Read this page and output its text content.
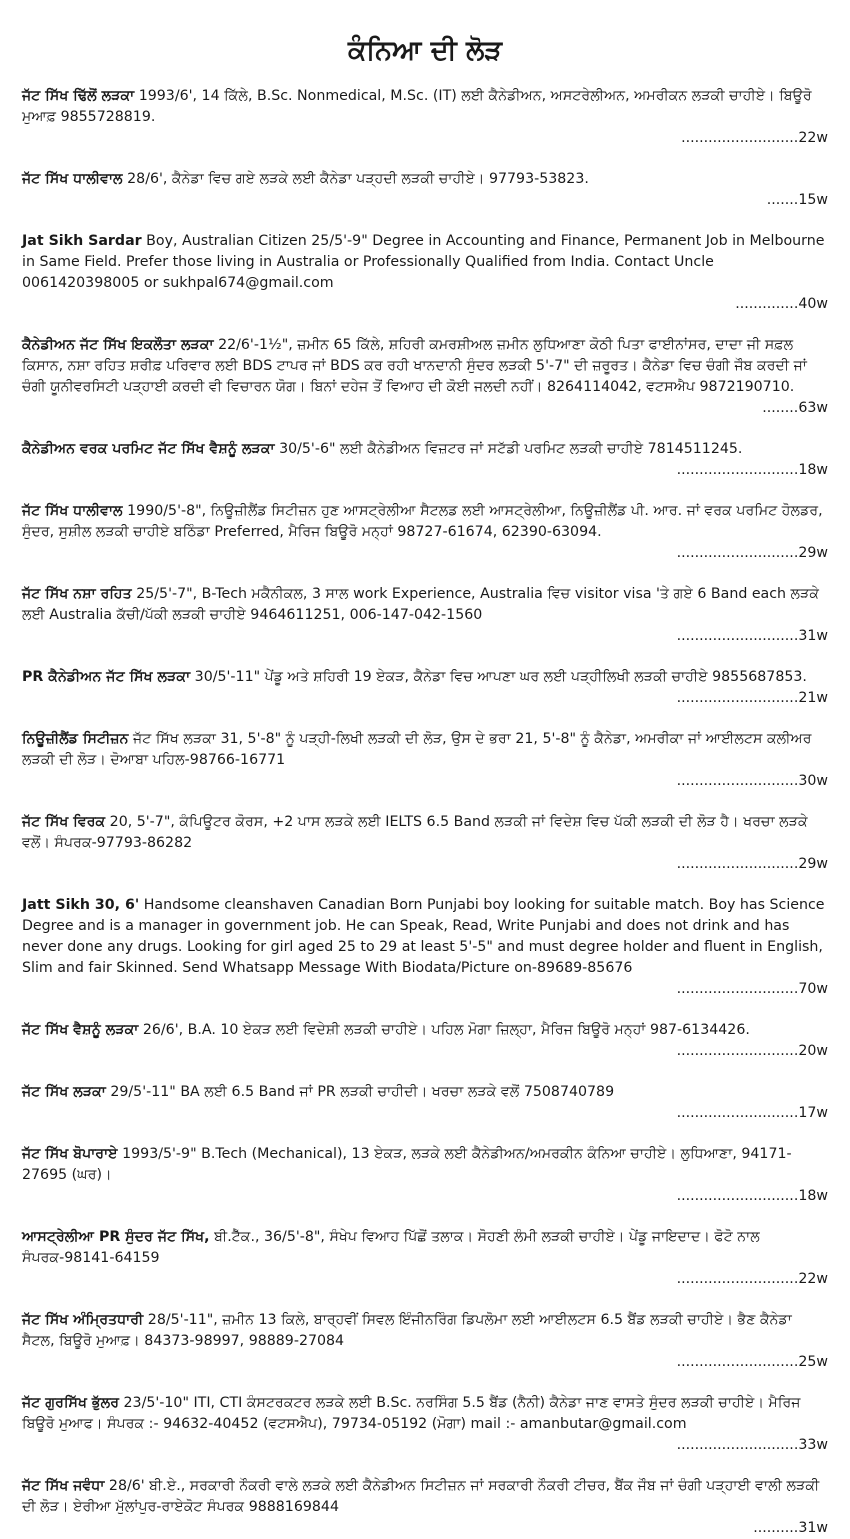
ਕੰਨਿਆ ਦੀ ਲੋੜ
ਜੱਟ ਸਿੱਖ ਢਿੱਲੋਂ ਲੜਕਾ 1993/6', 14 ਕਿੱਲੇ, B.Sc. Nonmedical, M.Sc. (IT) ਲਈ ਕੈਨੇਡੀਅਨ, ਅਸਟਰੇਲੀਅਨ, ਅਮਰੀਕਨ ਲੜਕੀ ਚਾਹੀਏ। ਬਿਊਰੋ ਮੁਆਫ਼ 9855728819.
.......................... 22w
ਜੱਟ ਸਿੱਖ ਧਾਲੀਵਾਲ 28/6', ਕੈਨੇਡਾ ਵਿਚ ਗਏ ਲੜਕੇ ਲਈ ਕੈਨੇਡਾ ਪੜ੍ਹਦੀ ਲੜਕੀ ਚਾਹੀਏ। 97793-53823.
....... 15w
Jat Sikh Sardar Boy, Australian Citizen 25/5'-9" Degree in Accounting and Finance, Permanent Job in Melbourne in Same Field. Prefer those living in Australia or Professionally Qualified from India. Contact Uncle 0061420398005 or sukhpal674@gmail.com
.............. 40w
ਕੈਨੇਡੀਅਨ ਜੱਟ ਸਿੱਖ ਇਕਲੌਤਾ ਲੜਕਾ 22/6'-1½", ਜ਼ਮੀਨ 65 ਕਿੱਲੇ, ਸ਼ਹਿਰੀ ਕਮਰਸ਼ੀਅਲ ਜ਼ਮੀਨ ਲੁਧਿਆਣਾ ਕੋਠੀ ਪਿਤਾ ਫਾਈਨਾਂਸਰ, ਦਾਦਾ ਜੀ ਸਫ਼ਲ ਕਿਸਾਨ, ਨਸ਼ਾ ਰਹਿਤ ਸ਼ਰੀਫ਼ ਪਰਿਵਾਰ ਲਈ BDS ਟਾਪਰ ਜਾਂ BDS ਕਰ ਰਹੀ ਖਾਨਦਾਨੀ ਸੁੰਦਰ ਲੜਕੀ 5'-7" ਦੀ ਜ਼ਰੂਰਤ। ਕੈਨੇਡਾ ਵਿਚ ਚੰਗੀ ਜੌਬ ਕਰਦੀ ਜਾਂ ਚੰਗੀ ਯੂਨੀਵਰਸਿਟੀ ਪੜ੍ਹਾਈ ਕਰਦੀ ਵੀ ਵਿਚਾਰਨ ਯੋਗ। ਬਿਨਾਂ ਦਹੇਜ ਤੋਂ ਵਿਆਹ ਦੀ ਕੋਈ ਜਲਦੀ ਨਹੀਂ। 8264114042, ਵਟਸਐਪ 9872190710.
........ 63w
ਕੈਨੇਡੀਅਨ ਵਰਕ ਪਰਮਿਟ ਜੱਟ ਸਿੱਖ ਵੈਸ਼ਨੂੰ ਲੜਕਾ 30/5'-6" ਲਈ ਕੈਨੇਡੀਅਨ ਵਿਜ਼ਟਰ ਜਾਂ ਸਟੱਡੀ ਪਰਮਿਟ ਲੜਕੀ ਚਾਹੀਏ 7814511245.
........................... 18w
ਜੱਟ ਸਿੱਖ ਧਾਲੀਵਾਲ 1990/5'-8", ਨਿਊਜ਼ੀਲੈਂਡ ਸਿਟੀਜ਼ਨ ਹੁਣ ਆਸਟ੍ਰੇਲੀਆ ਸੈਟਲਡ ਲਈ ਆਸਟ੍ਰੇਲੀਆ, ਨਿਊਜ਼ੀਲੈਂਡ ਪੀ. ਆਰ. ਜਾਂ ਵਰਕ ਪਰਮਿਟ ਹੋਲਡਰ, ਸੁੰਦਰ, ਸੁਸ਼ੀਲ ਲੜਕੀ ਚਾਹੀਏ ਬਠਿੰਡਾ Preferred, ਮੈਰਿਜ ਬਿਊਰੋ ਮਨ੍ਹਾਂ 98727-61674, 62390-63094.
........................... 29w
ਜੱਟ ਸਿੱਖ ਨਸ਼ਾ ਰਹਿਤ 25/5'-7", B-Tech ਮਕੈਨੀਕਲ, 3 ਸਾਲ work Experience, Australia ਵਿਚ visitor visa 'ਤੇ ਗਏ 6 Band each ਲੜਕੇ ਲਈ Australia ਕੱਚੀ/ਪੱਕੀ ਲੜਕੀ ਚਾਹੀਏ 9464611251, 006-147-042-1560
........................... 31w
PR ਕੈਨੇਡੀਅਨ ਜੱਟ ਸਿੱਖ ਲੜਕਾ 30/5'-11" ਪੇਂਡੂ ਅਤੇ ਸ਼ਹਿਰੀ 19 ਏਕੜ, ਕੈਨੇਡਾ ਵਿਚ ਆਪਣਾ ਘਰ ਲਈ ਪੜ੍ਹੀਲਿਖੀ ਲੜਕੀ ਚਾਹੀਏ 9855687853.
........................... 21w
ਨਿਊਜ਼ੀਲੈਂਡ ਸਿਟੀਜ਼ਨ ਜੱਟ ਸਿੱਖ ਲੜਕਾ 31, 5'-8" ਨੂੰ ਪੜ੍ਹੀ-ਲਿਖੀ ਲੜਕੀ ਦੀ ਲੋੜ, ਉਸ ਦੇ ਭਰਾ 21, 5'-8" ਨੂੰ ਕੈਨੇਡਾ, ਅਮਰੀਕਾ ਜਾਂ ਆਈਲਟਸ ਕਲੀਅਰ ਲੜਕੀ ਦੀ ਲੋੜ। ਦੋਆਬਾ ਪਹਿਲ-98766-16771
........................... 30w
ਜੱਟ ਸਿੱਖ ਵਿਰਕ 20, 5'-7", ਕੰਪਿਊਟਰ ਕੋਰਸ, +2 ਪਾਸ ਲੜਕੇ ਲਈ IELTS 6.5 Band ਲੜਕੀ ਜਾਂ ਵਿਦੇਸ਼ ਵਿਚ ਪੱਕੀ ਲੜਕੀ ਦੀ ਲੋੜ ਹੈ। ਖਰਚਾ ਲੜਕੇ ਵਲੋਂ। ਸੰਪਰਕ-97793-86282
........................... 29w
Jatt Sikh 30, 6' Handsome cleanshaven Canadian Born Punjabi boy looking for suitable match. Boy has Science Degree and is a manager in government job. He can Speak, Read, Write Punjabi and does not drink and has never done any drugs. Looking for girl aged 25 to 29 at least 5'-5" and must degree holder and fluent in English, Slim and fair Skinned. Send Whatsapp Message With Biodata/Picture on-89689-85676
........................... 70w
ਜੱਟ ਸਿੱਖ ਵੈਸ਼ਨੂੰ ਲੜਕਾ 26/6', B.A. 10 ਏਕੜ ਲਈ ਵਿਦੇਸ਼ੀ ਲੜਕੀ ਚਾਹੀਏ। ਪਹਿਲ ਮੋਗਾ ਜ਼ਿਲ੍ਹਾ, ਮੈਰਿਜ ਬਿਊਰੋ ਮਨ੍ਹਾਂ 987-6134426.
........................... 20w
ਜੱਟ ਸਿੱਖ ਲੜਕਾ 29/5'-11" BA ਲਈ 6.5 Band ਜਾਂ PR ਲੜਕੀ ਚਾਹੀਦੀ। ਖਰਚਾ ਲੜਕੇ ਵਲੋਂ 7508740789
........................... 17w
ਜੱਟ ਸਿੱਖ ਬੋਪਾਰਾਏ 1993/5'-9" B.Tech (Mechanical), 13 ਏਕੜ, ਲੜਕੇ ਲਈ ਕੈਨੇਡੀਅਨ/ਅਮਰਕੀਨ ਕੰਨਿਆ ਚਾਹੀਏ। ਲੁਧਿਆਣਾ, 94171-27695 (ਘਰ)।
........................... 18w
ਆਸਟ੍ਰੇਲੀਆ PR ਸੁੰਦਰ ਜੱਟ ਸਿੱਖ, ਬੀ.ਟੈੱਕ., 36/5'-8", ਸੰਖੇਪ ਵਿਆਹ ਪਿੱਛੋਂ ਤਲਾਕ। ਸੋਹਣੀ ਲੰਮੀ ਲੜਕੀ ਚਾਹੀਏ। ਪੇਂਡੂ ਜਾਇਦਾਦ। ਫੋਟੋ ਨਾਲ ਸੰਪਰਕ-98141-64159
........................... 22w
ਜੱਟ ਸਿੱਖ ਅੰਮ੍ਰਿਤਧਾਰੀ 28/5'-11", ਜ਼ਮੀਨ 13 ਕਿਲੇ, ਬਾਰ੍ਹਵੀਂ ਸਿਵਲ ਇੰਜੀਨਰਿੰਗ ਡਿਪਲੋਮਾ ਲਈ ਆਈਲਟਸ 6.5 ਬੈਂਡ ਲੜਕੀ ਚਾਹੀਏ। ਭੈਣ ਕੈਨੇਡਾ ਸੈਟਲ, ਬਿਊਰੋ ਮੁਆਫ਼। 84373-98997, 98889-27084
........................... 25w
ਜੱਟ ਗੁਰਸਿੱਖ ਭੁੱਲਰ 23/5'-10" ITI, CTI ਕੰਸਟਰਕਟਰ ਲੜਕੇ ਲਈ B.Sc. ਨਰਸਿੰਗ 5.5 ਬੈਂਡ (ਨੈਨੀ) ਕੈਨੇਡਾ ਜਾਣ ਵਾਸਤੇ ਸੁੰਦਰ ਲੜਕੀ ਚਾਹੀਏ। ਮੈਰਿਜ ਬਿਊਰੋ ਮੁਆਫ। ਸੰਪਰਕ :- 94632-40452 (ਵਟਸਐਪ), 79734-05192 (ਮੋਗਾ) mail :- amanbutar@gmail.com
........................... 33w
ਜੱਟ ਸਿੱਖ ਜਵੰਧਾ 28/6' ਬੀ.ਏ., ਸਰਕਾਰੀ ਨੌਕਰੀ ਵਾਲੇ ਲੜਕੇ ਲਈ ਕੈਨੇਡੀਅਨ ਸਿਟੀਜ਼ਨ ਜਾਂ ਸਰਕਾਰੀ ਨੌਕਰੀ ਟੀਚਰ, ਬੈਂਕ ਜੌਬ ਜਾਂ ਚੰਗੀ ਪੜ੍ਹਾਈ ਵਾਲੀ ਲੜਕੀ ਦੀ ਲੋੜ। ਏਰੀਆ ਮੁੱਲਾਂਪੁਰ-ਰਾਏਕੋਟ ਸੰਪਰਕ 9888169844
.......... 31w
